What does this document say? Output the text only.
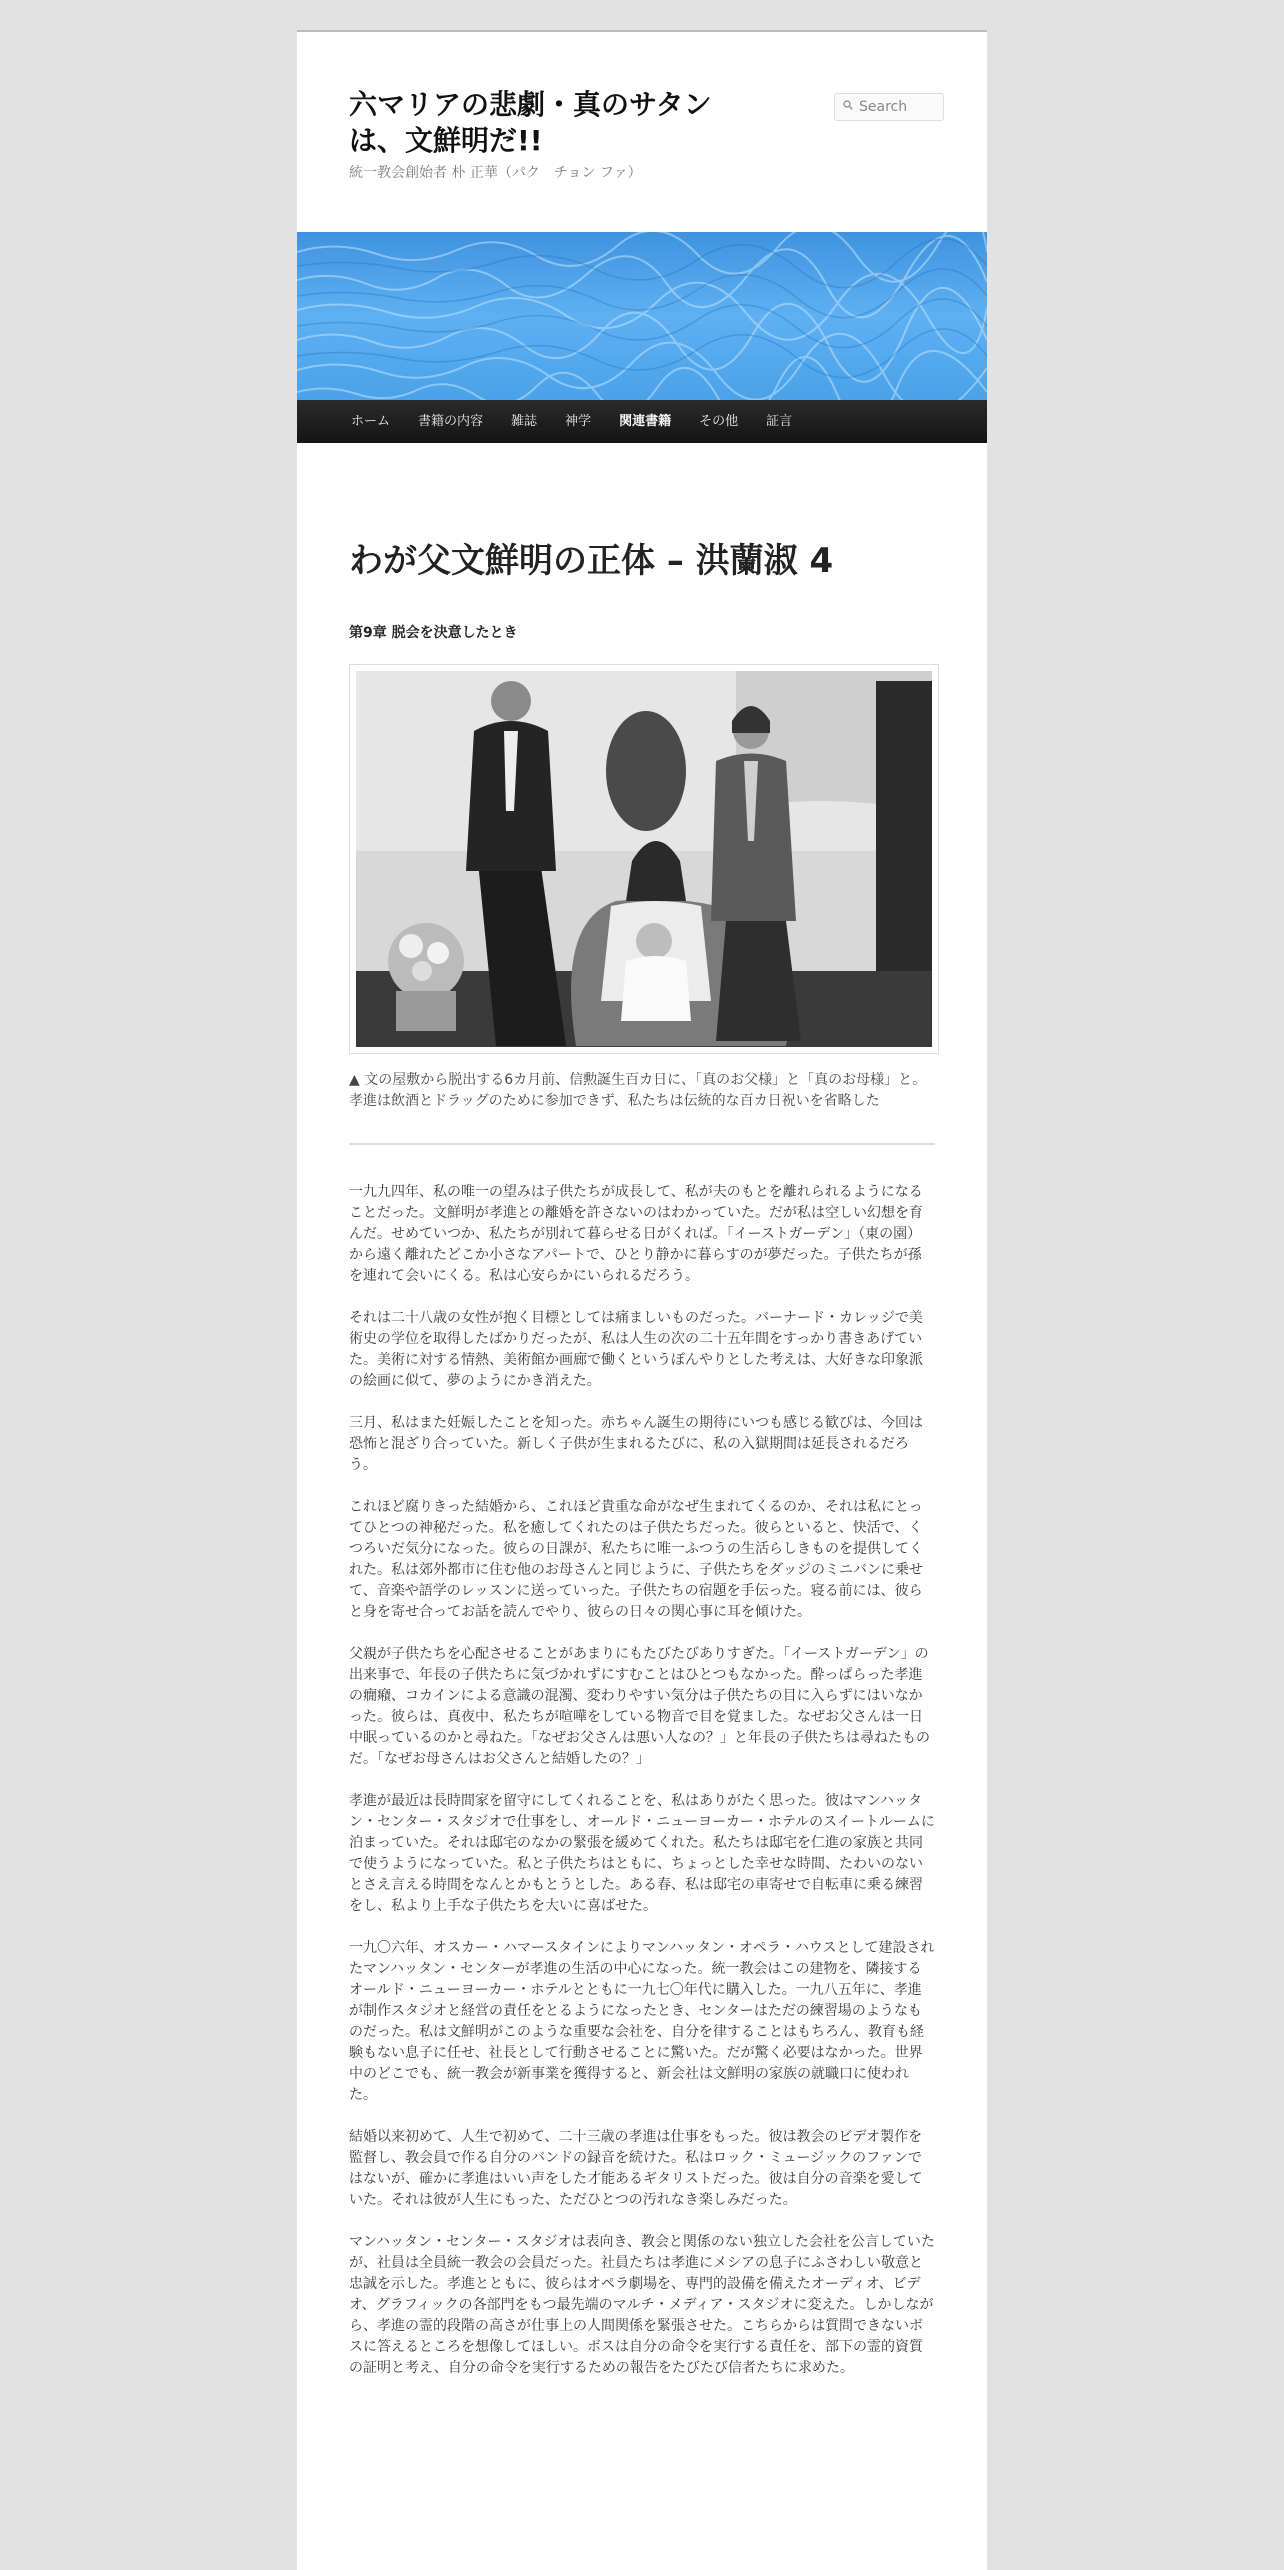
六マリアの悲劇・真のサタンは、文鮮明だ!!

統一教会創始者 朴 正華（パク　チョン ファ）

Search
ホーム	書籍の内容	雑誌	神学	関連書籍	その他	証言
わが父文鮮明の正体 – 洪蘭淑 4

第9章 脱会を決意したとき

▲ 文の屋敷から脱出する6カ月前、信勲誕生百カ日に、「真のお父様」と「真のお母様」と。孝進は飲酒とドラッグのために参加できず、私たちは伝統的な百カ日祝いを省略した

一九九四年、私の唯一の望みは子供たちが成長して、私が夫のもとを離れられるようになることだった。文鮮明が孝進との離婚を許さないのはわかっていた。だが私は空しい幻想を育んだ。せめていつか、私たちが別れて暮らせる日がくれば。「イーストガーデン」（東の園）から遠く離れたどこか小さなアパートで、ひとり静かに暮らすのが夢だった。子供たちが孫を連れて会いにくる。私は心安らかにいられるだろう。

それは二十八歳の女性が抱く目標としては痛ましいものだった。バーナード・カレッジで美術史の学位を取得したばかりだったが、私は人生の次の二十五年間をすっかり書きあげていた。美術に対する情熱、美術館か画廊で働くというぼんやりとした考えは、大好きな印象派の絵画に似て、夢のようにかき消えた。

三月、私はまた妊娠したことを知った。赤ちゃん誕生の期待にいつも感じる歓びは、今回は恐怖と混ざり合っていた。新しく子供が生まれるたびに、私の入獄期間は延長されるだろう。

これほど腐りきった結婚から、これほど貴重な命がなぜ生まれてくるのか、それは私にとってひとつの神秘だった。私を癒してくれたのは子供たちだった。彼らといると、快活で、くつろいだ気分になった。彼らの日課が、私たちに唯一ふつうの生活らしきものを提供してくれた。私は郊外都市に住む他のお母さんと同じように、子供たちをダッジのミニバンに乗せて、音楽や語学のレッスンに送っていった。子供たちの宿題を手伝った。寝る前には、彼らと身を寄せ合ってお話を読んでやり、彼らの日々の関心事に耳を傾けた。

父親が子供たちを心配させることがあまりにもたびたびありすぎた。「イーストガーデン」の出来事で、年長の子供たちに気づかれずにすむことはひとつもなかった。酔っぱらった孝進の癇癪、コカインによる意識の混濁、変わりやすい気分は子供たちの目に入らずにはいなかった。彼らは、真夜中、私たちが喧嘩をしている物音で目を覚ました。なぜお父さんは一日中眠っているのかと尋ねた。「なぜお父さんは悪い人なの？」と年長の子供たちは尋ねたものだ。「なぜお母さんはお父さんと結婚したの？」

孝進が最近は長時間家を留守にしてくれることを、私はありがたく思った。彼はマンハッタン・センター・スタジオで仕事をし、オールド・ニューヨーカー・ホテルのスイートルームに泊まっていた。それは邸宅のなかの緊張を緩めてくれた。私たちは邸宅を仁進の家族と共同で使うようになっていた。私と子供たちはともに、ちょっとした幸せな時間、たわいのないとさえ言える時間をなんとかもとうとした。ある春、私は邸宅の車寄せで自転車に乗る練習をし、私より上手な子供たちを大いに喜ばせた。

一九〇六年、オスカー・ハマースタインによりマンハッタン・オペラ・ハウスとして建設されたマンハッタン・センターが孝進の生活の中心になった。統一教会はこの建物を、隣接するオールド・ニューヨーカー・ホテルとともに一九七〇年代に購入した。一九八五年に、孝進が制作スタジオと経営の責任をとるようになったとき、センターはただの練習場のようなものだった。私は文鮮明がこのような重要な会社を、自分を律することはもちろん、教育も経験もない息子に任せ、社長として行動させることに驚いた。だが驚く必要はなかった。世界中のどこでも、統一教会が新事業を獲得すると、新会社は文鮮明の家族の就職口に使われた。

結婚以来初めて、人生で初めて、二十三歳の孝進は仕事をもった。彼は教会のビデオ製作を監督し、教会員で作る自分のバンドの録音を続けた。私はロック・ミュージックのファンではないが、確かに孝進はいい声をした才能あるギタリストだった。彼は自分の音楽を愛していた。それは彼が人生にもった、ただひとつの汚れなき楽しみだった。

マンハッタン・センター・スタジオは表向き、教会と関係のない独立した会社を公言していたが、社員は全員統一教会の会員だった。社員たちは孝進にメシアの息子にふさわしい敬意と忠誠を示した。孝進とともに、彼らはオペラ劇場を、専門的設備を備えたオーディオ、ビデオ、グラフィックの各部門をもつ最先端のマルチ・メディア・スタジオに変えた。しかしながら、孝進の霊的段階の高さが仕事上の人間関係を緊張させた。こちらからは質問できないボスに答えるところを想像してほしい。ボスは自分の命令を実行する責任を、部下の霊的資質の証明と考え、自分の命令を実行するための報告をたびたび信者たちに求めた。
